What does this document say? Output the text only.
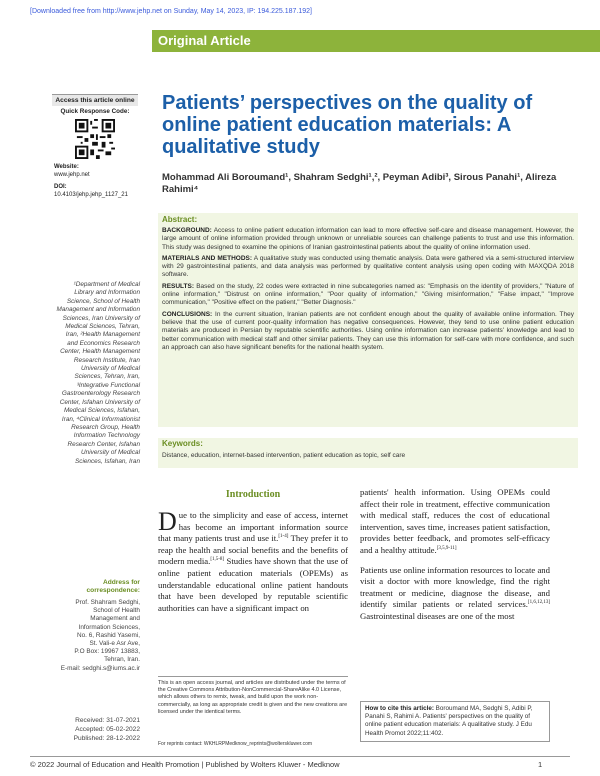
[Downloaded free from http://www.jehp.net on Sunday, May 14, 2023, IP: 194.225.187.192]
Original Article
Access this article online
Quick Response Code:
Website:
www.jehp.net
DOI:
10.4103/jehp.jehp_1127_21
Patients’ perspectives on the quality of online patient education materials: A qualitative study
Mohammad Ali Boroumand¹, Shahram Sedghi¹,², Peyman Adibi³, Sirous Panahi¹, Alireza Rahimi⁴
Abstract:

BACKGROUND: Access to online patient education information can lead to more effective self-care and disease management. However, the large amount of online information provided through unknown or unreliable sources can challenge patients to trust and use this information. This study was designed to examine the opinions of Iranian gastrointestinal patients about the quality of online information used.

MATERIALS AND METHODS: A qualitative study was conducted using thematic analysis. Data were gathered via a semi-structured interview with 29 gastrointestinal patients, and data analysis was performed by qualitative content analysis using open coding with MAXQDA 2018 software.

RESULTS: Based on the study, 22 codes were extracted in nine subcategories named as: "Emphasis on the identity of providers," "Nature of online information," "Distrust on online information," "Poor quality of information," "Giving misinformation," "False impact," "Improve communication," "Positive effect on the patient," "Better Diagnosis."

CONCLUSIONS: In the current situation, Iranian patients are not confident enough about the quality of available online information. They believe that the use of current poor-quality information has negative consequences. However, they tend to use online patient education materials are produced in Persian by reputable scientific authorities. Using online information can increase patients' knowledge and lead to better communication with medical staff and other similar patients. They can use this information for self-care with more confidence, and such an approach can also have significant benefits for the national health system.

Keywords:
Distance, education, internet-based intervention, patient education as topic, self care
¹Department of Medical Library and Information Science, School of Health Management and Information Sciences, Iran University of Medical Sciences, Tehran, Iran, ²Health Management and Economics Research Center, Health Management Research Institute, Iran University of Medical Sciences, Tehran, Iran, ³Integrative Functional Gastroenterology Research Center, Isfahan University of Medical Sciences, Isfahan, Iran, ⁴Clinical Informationist Research Group, Health Information Technology Research Center, Isfahan University of Medical Sciences, Isfahan, Iran
Address for correspondence:
Prof. Shahram Sedghi,
School of Health
Management and
Information Sciences,
No. 6, Rashid Yasemi,
St. Vali-e Asr Ave,
P.O Box: 19967 13883,
Tehran, Iran.
E-mail: sedghi.s@iums.ac.ir
Received: 31-07-2021
Accepted: 05-02-2022
Published: 28-12-2022
Introduction
Due to the simplicity and ease of access, internet has become an important information source that many patients trust and use it.[1-4] They prefer it to reap the health and social benefits and the benefits of modern media.[1,5-8] Studies have shown that the use of online patient education materials (OPEMs) as understandable educational online patient handouts that have been developed by reputable scientific authorities can have a significant impact on

patients' health information. Using OPEMs could affect their role in treatment, effective communication with medical staff, reduces the cost of educational intervention, saves time, increases patient satisfaction, provides better feedback, and promotes self-efficacy and a healthy attitude.[3,5,9-11]

Patients use online information resources to locate and visit a doctor with more knowledge, find the right treatment or medicine, diagnose the disease, and identify similar patients or related services.[1,6,12,13] Gastrointestinal diseases are one of the most

This is an open access journal, and articles are distributed under the terms of the Creative Commons Attribution-NonCommercial-ShareAlike 4.0 License, which allows others to remix, tweak, and build upon the work non-commercially, as long as appropriate credit is given and the new creations are licensed under the identical terms.
For reprints contact: WKHLRPMedknow_reprints@wolterskluwer.com
How to cite this article: Boroumand MA, Sedghi S, Adibi P, Panahi S, Rahimi A. Patients' perspectives on the quality of online patient education materials: A qualitative study. J Edu Health Promot 2022;11:402.
© 2022 Journal of Education and Health Promotion | Published by Wolters Kluwer - Medknow	1
